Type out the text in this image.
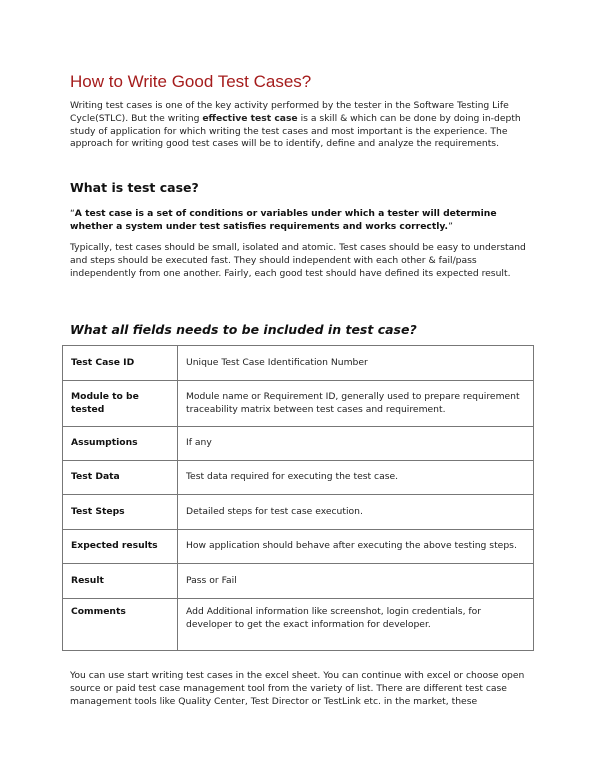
How to Write Good Test Cases?

Writing test cases is one of the key activity performed by the tester in the Software Testing Life Cycle(STLC). But the writing effective test case is a skill & which can be done by doing in-depth study of application for which writing the test cases and most important is the experience. The approach for writing good test cases will be to identify, define and analyze the requirements.

What is test case?

“A test case is a set of conditions or variables under which a tester will determine whether a system under test satisfies requirements and works correctly.”

Typically, test cases should be small, isolated and atomic. Test cases should be easy to understand and steps should be executed fast. They should independent with each other & fail/pass independently from one another. Fairly, each good test should have defined its expected result.

What all fields needs to be included in test case?
Test Case ID	Unique Test Case Identification Number
Module to be tested	Module name or Requirement ID, generally used to prepare requirement traceability matrix between test cases and requirement.
Assumptions	If any
Test Data	Test data required for executing the test case.
Test Steps	Detailed steps for test case execution.
Expected results	How application should behave after executing the above testing steps.
Result	Pass or Fail
Comments	Add Additional information like screenshot, login credentials, for developer to get the exact information for developer.

You can use start writing test cases in the excel sheet. You can continue with excel or choose open source or paid test case management tool from the variety of list. There are different test case management tools like Quality Center, Test Director or TestLink etc. in the market, these
